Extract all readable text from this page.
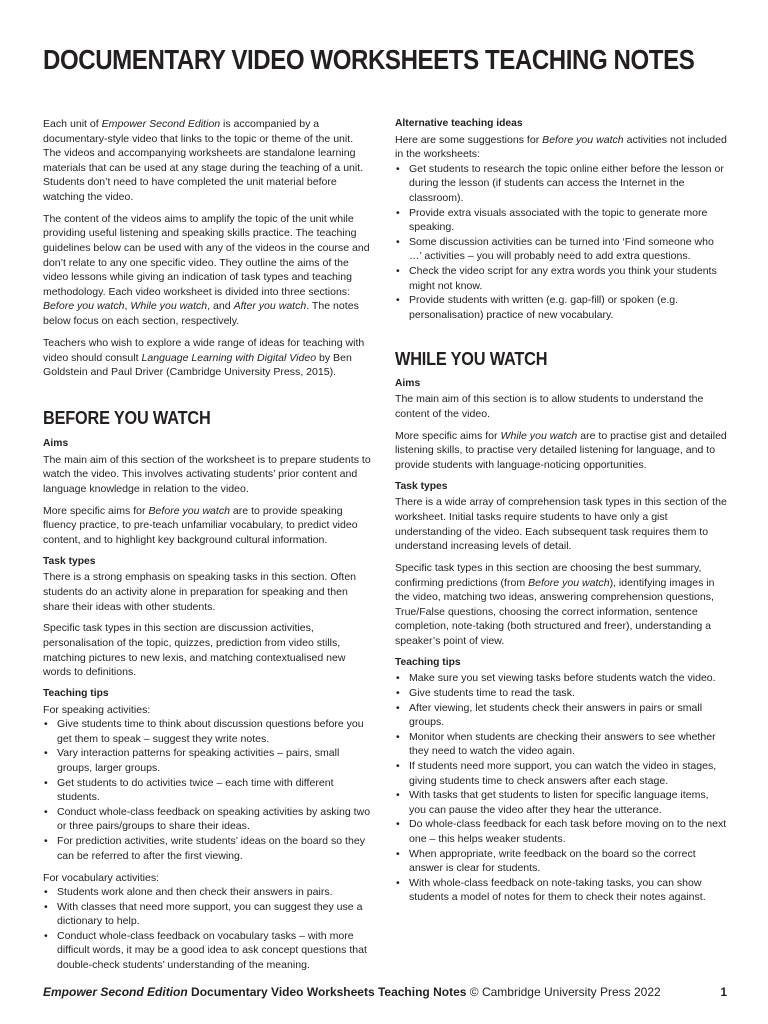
DOCUMENTARY VIDEO WORKSHEETS TEACHING NOTES

Each unit of Empower Second Edition is accompanied by a documentary-style video that links to the topic or theme of the unit. The videos and accompanying worksheets are standalone learning materials that can be used at any stage during the teaching of a unit. Students don’t need to have completed the unit material before watching the video.

The content of the videos aims to amplify the topic of the unit while providing useful listening and speaking skills practice. The teaching guidelines below can be used with any of the videos in the course and don’t relate to any one specific video. They outline the aims of the video lessons while giving an indication of task types and teaching methodology. Each video worksheet is divided into three sections: Before you watch, While you watch, and After you watch. The notes below focus on each section, respectively.

Teachers who wish to explore a wide range of ideas for teaching with video should consult Language Learning with Digital Video by Ben Goldstein and Paul Driver (Cambridge University Press, 2015).

BEFORE YOU WATCH
Aims

The main aim of this section of the worksheet is to prepare students to watch the video. This involves activating students’ prior content and language knowledge in relation to the video.

More specific aims for Before you watch are to provide speaking fluency practice, to pre-teach unfamiliar vocabulary, to predict video content, and to highlight key background cultural information.

Task types

There is a strong emphasis on speaking tasks in this section. Often students do an activity alone in preparation for speaking and then share their ideas with other students.

Specific task types in this section are discussion activities, personalisation of the topic, quizzes, prediction from video stills, matching pictures to new lexis, and matching contextualised new words to definitions.

Teaching tips
For speaking activities:
• Give students time to think about discussion questions before you get them to speak – suggest they write notes.
• Vary interaction patterns for speaking activities – pairs, small groups, larger groups.
• Get students to do activities twice – each time with different students.
• Conduct whole-class feedback on speaking activities by asking two or three pairs/groups to share their ideas.
• For prediction activities, write students’ ideas on the board so they can be referred to after the first viewing.
For vocabulary activities:
• Students work alone and then check their answers in pairs.
• With classes that need more support, you can suggest they use a dictionary to help.
• Conduct whole-class feedback on vocabulary tasks – with more difficult words, it may be a good idea to ask concept questions that double-check students’ understanding of the meaning.
Alternative teaching ideas
Here are some suggestions for Before you watch activities not included in the worksheets:
• Get students to research the topic online either before the lesson or during the lesson (if students can access the Internet in the classroom).
• Provide extra visuals associated with the topic to generate more speaking.
• Some discussion activities can be turned into ‘Find someone who …’ activities – you will probably need to add extra questions.
• Check the video script for any extra words you think your students might not know.
• Provide students with written (e.g. gap-fill) or spoken (e.g. personalisation) practice of new vocabulary.
WHILE YOU WATCH
Aims

The main aim of this section is to allow students to understand the content of the video.

More specific aims for While you watch are to practise gist and detailed listening skills, to practise very detailed listening for language, and to provide students with language-noticing opportunities.

Task types

There is a wide array of comprehension task types in this section of the worksheet. Initial tasks require students to have only a gist understanding of the video. Each subsequent task requires them to understand increasing levels of detail.

Specific task types in this section are choosing the best summary, confirming predictions (from Before you watch), identifying images in the video, matching two ideas, answering comprehension questions, True/False questions, choosing the correct information, sentence completion, note-taking (both structured and freer), understanding a speaker’s point of view.

Teaching tips
• Make sure you set viewing tasks before students watch the video.
• Give students time to read the task.
• After viewing, let students check their answers in pairs or small groups.
• Monitor when students are checking their answers to see whether they need to watch the video again.
• If students need more support, you can watch the video in stages, giving students time to check answers after each stage.
• With tasks that get students to listen for specific language items, you can pause the video after they hear the utterance.
• Do whole-class feedback for each task before moving on to the next one – this helps weaker students.
• When appropriate, write feedback on the board so the correct answer is clear for students.
• With whole-class feedback on note-taking tasks, you can show students a model of notes for them to check their notes against.
Empower Second Edition Documentary Video Worksheets Teaching Notes © Cambridge University Press 2022	1
